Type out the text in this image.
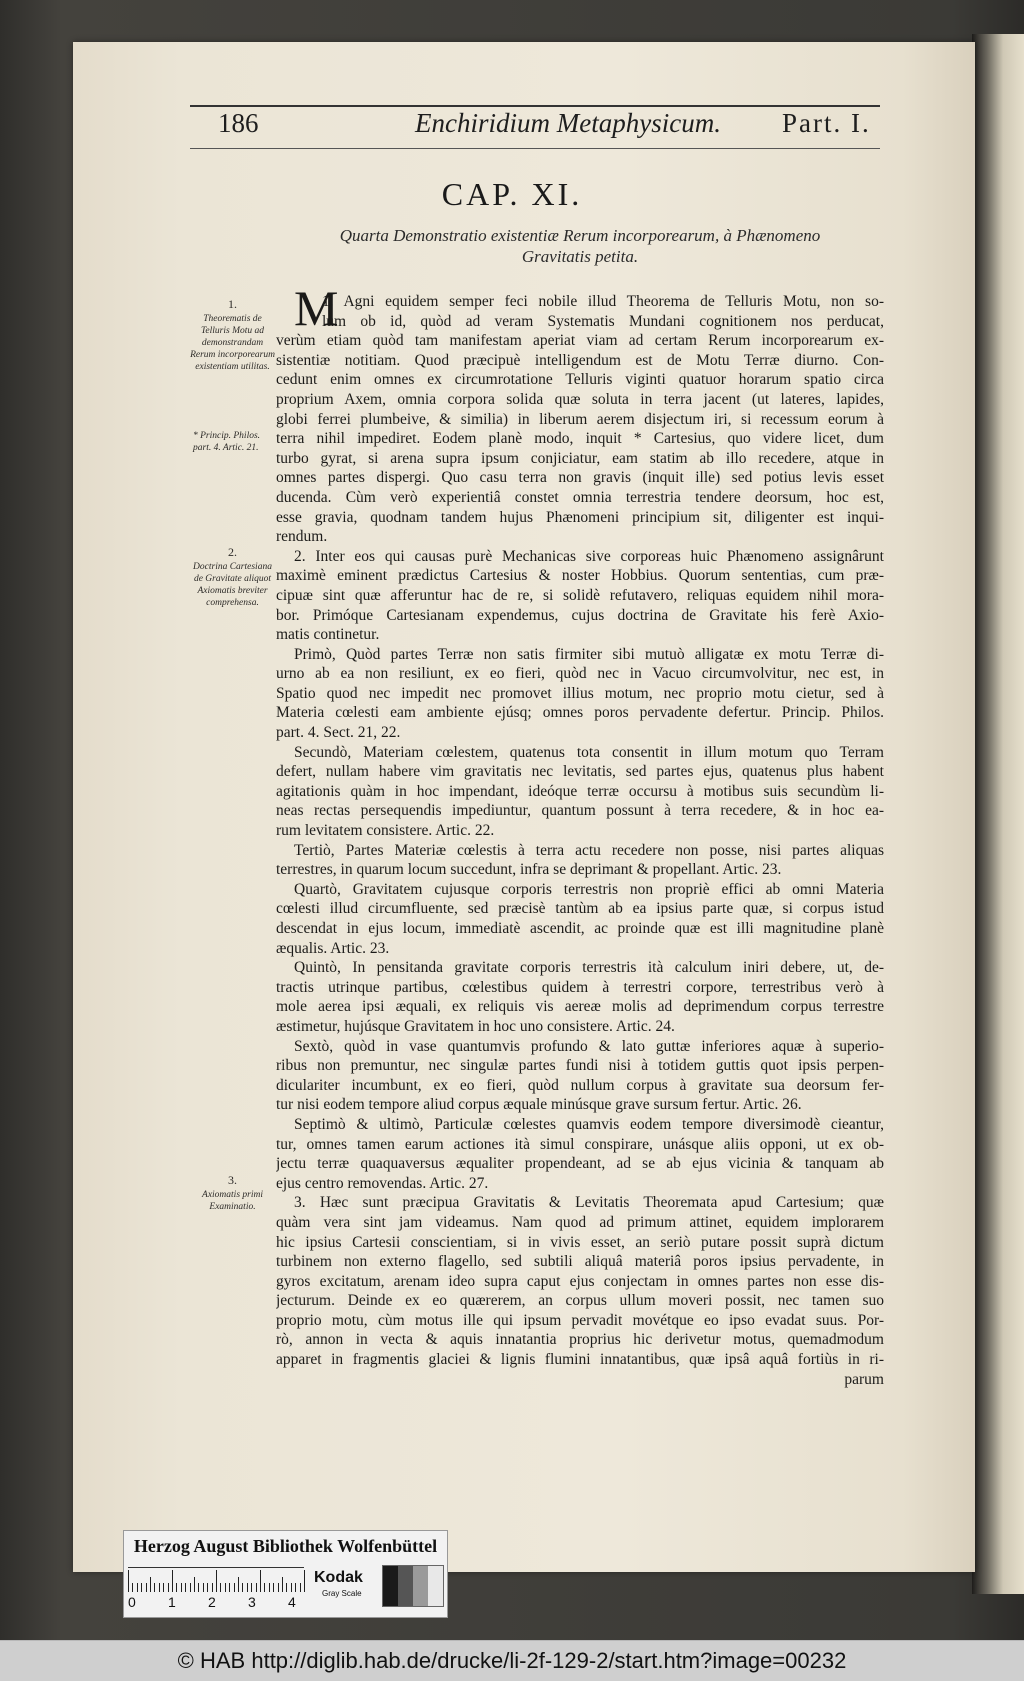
186	Enchiridium Metaphysicum. Part. I.
CAP. XI.
Quarta Demonstratio existentiæ Rerum incorporearum, à Phænomeno
Gravitatis petita.
1.
Theorematis de Telluris Motu ad demonstrandam Rerum incorporearum existentiam utilitas.
* Princip. Philos. part. 4. Artic. 21.
2.
Doctrina Cartesiana de Gravitate aliquot Axiomatis breviter comprehensa.
3.
Axiomatis primi Examinatio.
M
1. Agni equidem semper feci nobile illud Theorema de Telluris Motu, non so-
lum ob id, quòd ad veram Systematis Mundani cognitionem nos perducat,
verùm etiam quòd tam manifestam aperiat viam ad certam Rerum incorporearum ex-
sistentiæ notitiam. Quod præcipuè intelligendum est de Motu Terræ diurno. Con-
cedunt enim omnes ex circumrotatione Telluris viginti quatuor horarum spatio circa
proprium Axem, omnia corpora solida quæ soluta in terra jacent (ut lateres, lapides,
globi ferrei plumbeive, & similia) in liberum aerem disjectum iri, si recessum eorum à
terra nihil impediret. Eodem planè modo, inquit * Cartesius, quo videre licet, dum
turbo gyrat, si arena supra ipsum conjiciatur, eam statim ab illo recedere, atque in
omnes partes dispergi. Quo casu terra non gravis (inquit ille) sed potius levis esset
ducenda. Cùm verò experientiâ constet omnia terrestria tendere deorsum, hoc est,
esse gravia, quodnam tandem hujus Phænomeni principium sit, diligenter est inqui-
rendum.
2. Inter eos qui causas purè Mechanicas sive corporeas huic Phænomeno assignârunt
maximè eminent prædictus Cartesius & noster Hobbius. Quorum sententias, cum præ-
cipuæ sint quæ afferuntur hac de re, si solidè refutavero, reliquas equidem nihil mora-
bor. Primóque Cartesianam expendemus, cujus doctrina de Gravitate his ferè Axio-
matis continetur.
Primò, Quòd partes Terræ non satis firmiter sibi mutuò alligatæ ex motu Terræ di-
urno ab ea non resiliunt, ex eo fieri, quòd nec in Vacuo circumvolvitur, nec est, in
Spatio quod nec impedit nec promovet illius motum, nec proprio motu cietur, sed à
Materia cœlesti eam ambiente ejúsq; omnes poros pervadente defertur. Princip. Philos.
part. 4. Sect. 21, 22.
Secundò, Materiam cœlestem, quatenus tota consentit in illum motum quo Terram
defert, nullam habere vim gravitatis nec levitatis, sed partes ejus, quatenus plus habent
agitationis quàm in hoc impendant, ideóque terræ occursu à motibus suis secundùm li-
neas rectas persequendis impediuntur, quantum possunt à terra recedere, & in hoc ea-
rum levitatem consistere. Artic. 22.
Tertiò, Partes Materiæ cœlestis à terra actu recedere non posse, nisi partes aliquas
terrestres, in quarum locum succedunt, infra se deprimant & propellant. Artic. 23.
Quartò, Gravitatem cujusque corporis terrestris non propriè effici ab omni Materia
cœlesti illud circumfluente, sed præcisè tantùm ab ea ipsius parte quæ, si corpus istud
descendat in ejus locum, immediatè ascendit, ac proinde quæ est illi magnitudine planè
æqualis. Artic. 23.
Quintò, In pensitanda gravitate corporis terrestris ità calculum iniri debere, ut, de-
tractis utrinque partibus, cœlestibus quidem à terrestri corpore, terrestribus verò à
mole aerea ipsi æquali, ex reliquis vis aereæ molis ad deprimendum corpus terrestre
æstimetur, hujúsque Gravitatem in hoc uno consistere. Artic. 24.
Sextò, quòd in vase quantumvis profundo & lato guttæ inferiores aquæ à superio-
ribus non premuntur, nec singulæ partes fundi nisi à totidem guttis quot ipsis perpen-
diculariter incumbunt, ex eo fieri, quòd nullum corpus à gravitate sua deorsum fer-
tur nisi eodem tempore aliud corpus æquale minúsque grave sursum fertur. Artic. 26.
Septimò & ultimò, Particulæ cœlestes quamvis eodem tempore diversimodè cieantur,
tur, omnes tamen earum actiones ità simul conspirare, unásque aliis opponi, ut ex ob-
jectu terræ quaquaversus æqualiter propendeant, ad se ab ejus vicinia & tanquam ab
ejus centro removendas. Artic. 27.
3. Hæc sunt præcipua Gravitatis & Levitatis Theoremata apud Cartesium; quæ
quàm vera sint jam videamus. Nam quod ad primum attinet, equidem implorarem
hic ipsius Cartesii conscientiam, si in vivis esset, an seriò putare possit suprà dictum
turbinem non externo flagello, sed subtili aliquâ materiâ poros ipsius pervadente, in
gyros excitatum, arenam ideo supra caput ejus conjectam in omnes partes non esse dis-
jecturum. Deinde ex eo quærerem, an corpus ullum moveri possit, nec tamen suo
proprio motu, cùm motus ille qui ipsum pervadit movétque eo ipso evadat suus. Por-
rò, annon in vecta & aquis innatantia proprius hic derivetur motus, quemadmodum
apparet in fragmentis glaciei & lignis flumini innatantibus, quæ ipsâ aquâ fortiùs in ri-
parum
Herzog August Bibliothek Wolfenbüttel
0 1 2 3 4
Kodak
Gray Scale
© HAB http://diglib.hab.de/drucke/li-2f-129-2/start.htm?image=00232
